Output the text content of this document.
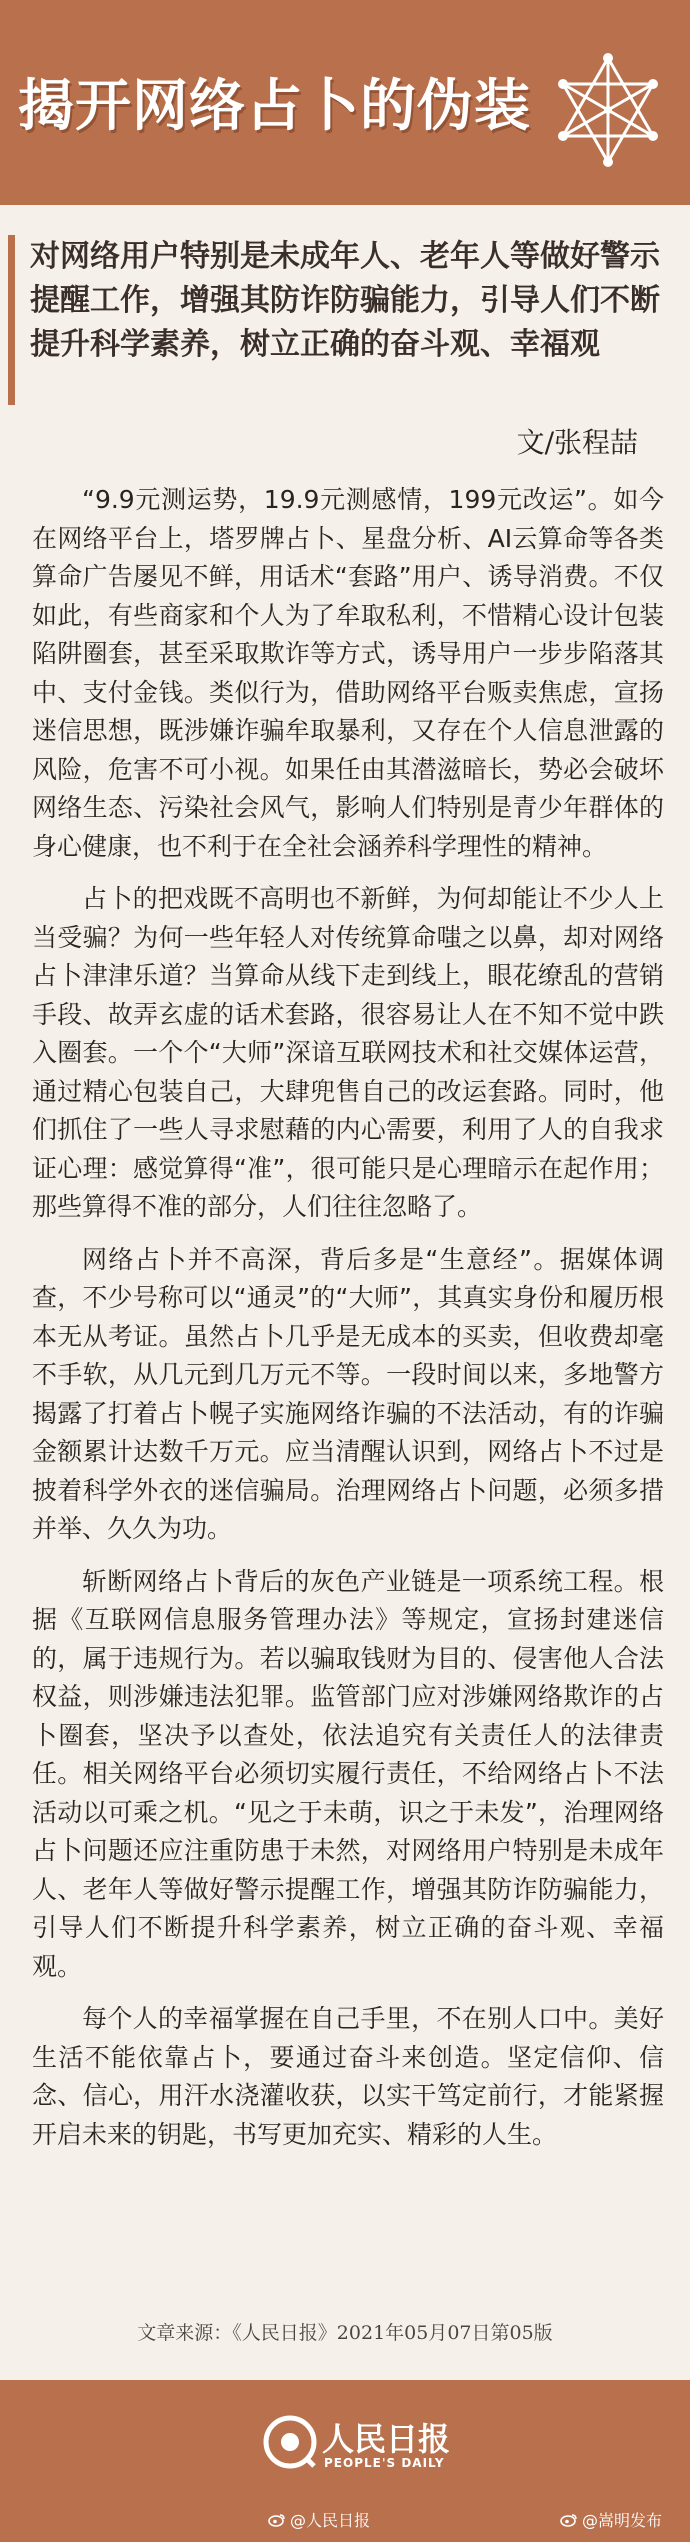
揭开网络占卜的伪装
对网络用户特别是未成年人、老年人等做好警示提醒工作，增强其防诈防骗能力，引导人们不断提升科学素养，树立正确的奋斗观、幸福观
文/张程喆

“9.9元测运势，19.9元测感情，199元改运”。如今在网络平台上，塔罗牌占卜、星盘分析、AI云算命等各类算命广告屡见不鲜，用话术“套路”用户、诱导消费。不仅如此，有些商家和个人为了牟取私利，不惜精心设计包装陷阱圈套，甚至采取欺诈等方式，诱导用户一步步陷落其中、支付金钱。类似行为，借助网络平台贩卖焦虑，宣扬迷信思想，既涉嫌诈骗牟取暴利，又存在个人信息泄露的风险，危害不可小视。如果任由其潜滋暗长，势必会破坏网络生态、污染社会风气，影响人们特别是青少年群体的身心健康，也不利于在全社会涵养科学理性的精神。

占卜的把戏既不高明也不新鲜，为何却能让不少人上当受骗？为何一些年轻人对传统算命嗤之以鼻，却对网络占卜津津乐道？当算命从线下走到线上，眼花缭乱的营销手段、故弄玄虚的话术套路，很容易让人在不知不觉中跌入圈套。一个个“大师”深谙互联网技术和社交媒体运营，通过精心包装自己，大肆兜售自己的改运套路。同时，他们抓住了一些人寻求慰藉的内心需要，利用了人的自我求证心理：感觉算得“准”，很可能只是心理暗示在起作用；那些算得不准的部分，人们往往忽略了。

网络占卜并不高深，背后多是“生意经”。据媒体调查，不少号称可以“通灵”的“大师”，其真实身份和履历根本无从考证。虽然占卜几乎是无成本的买卖，但收费却毫不手软，从几元到几万元不等。一段时间以来，多地警方揭露了打着占卜幌子实施网络诈骗的不法活动，有的诈骗金额累计达数千万元。应当清醒认识到，网络占卜不过是披着科学外衣的迷信骗局。治理网络占卜问题，必须多措并举、久久为功。

斩断网络占卜背后的灰色产业链是一项系统工程。根据《互联网信息服务管理办法》等规定，宣扬封建迷信的，属于违规行为。若以骗取钱财为目的、侵害他人合法权益，则涉嫌违法犯罪。监管部门应对涉嫌网络欺诈的占卜圈套，坚决予以查处，依法追究有关责任人的法律责任。相关网络平台必须切实履行责任，不给网络占卜不法活动以可乘之机。“见之于未萌，识之于未发”，治理网络占卜问题还应注重防患于未然，对网络用户特别是未成年人、老年人等做好警示提醒工作，增强其防诈防骗能力，引导人们不断提升科学素养，树立正确的奋斗观、幸福观。

每个人的幸福掌握在自己手里，不在别人口中。美好生活不能依靠占卜，要通过奋斗来创造。坚定信仰、信念、信心，用汗水浇灌收获，以实干笃定前行，才能紧握开启未来的钥匙，书写更加充实、精彩的人生。

文章来源：《人民日报》2021年05月07日第05版
人民日报
PEOPLE'S DAILY
@人民日报	@嵩明发布
